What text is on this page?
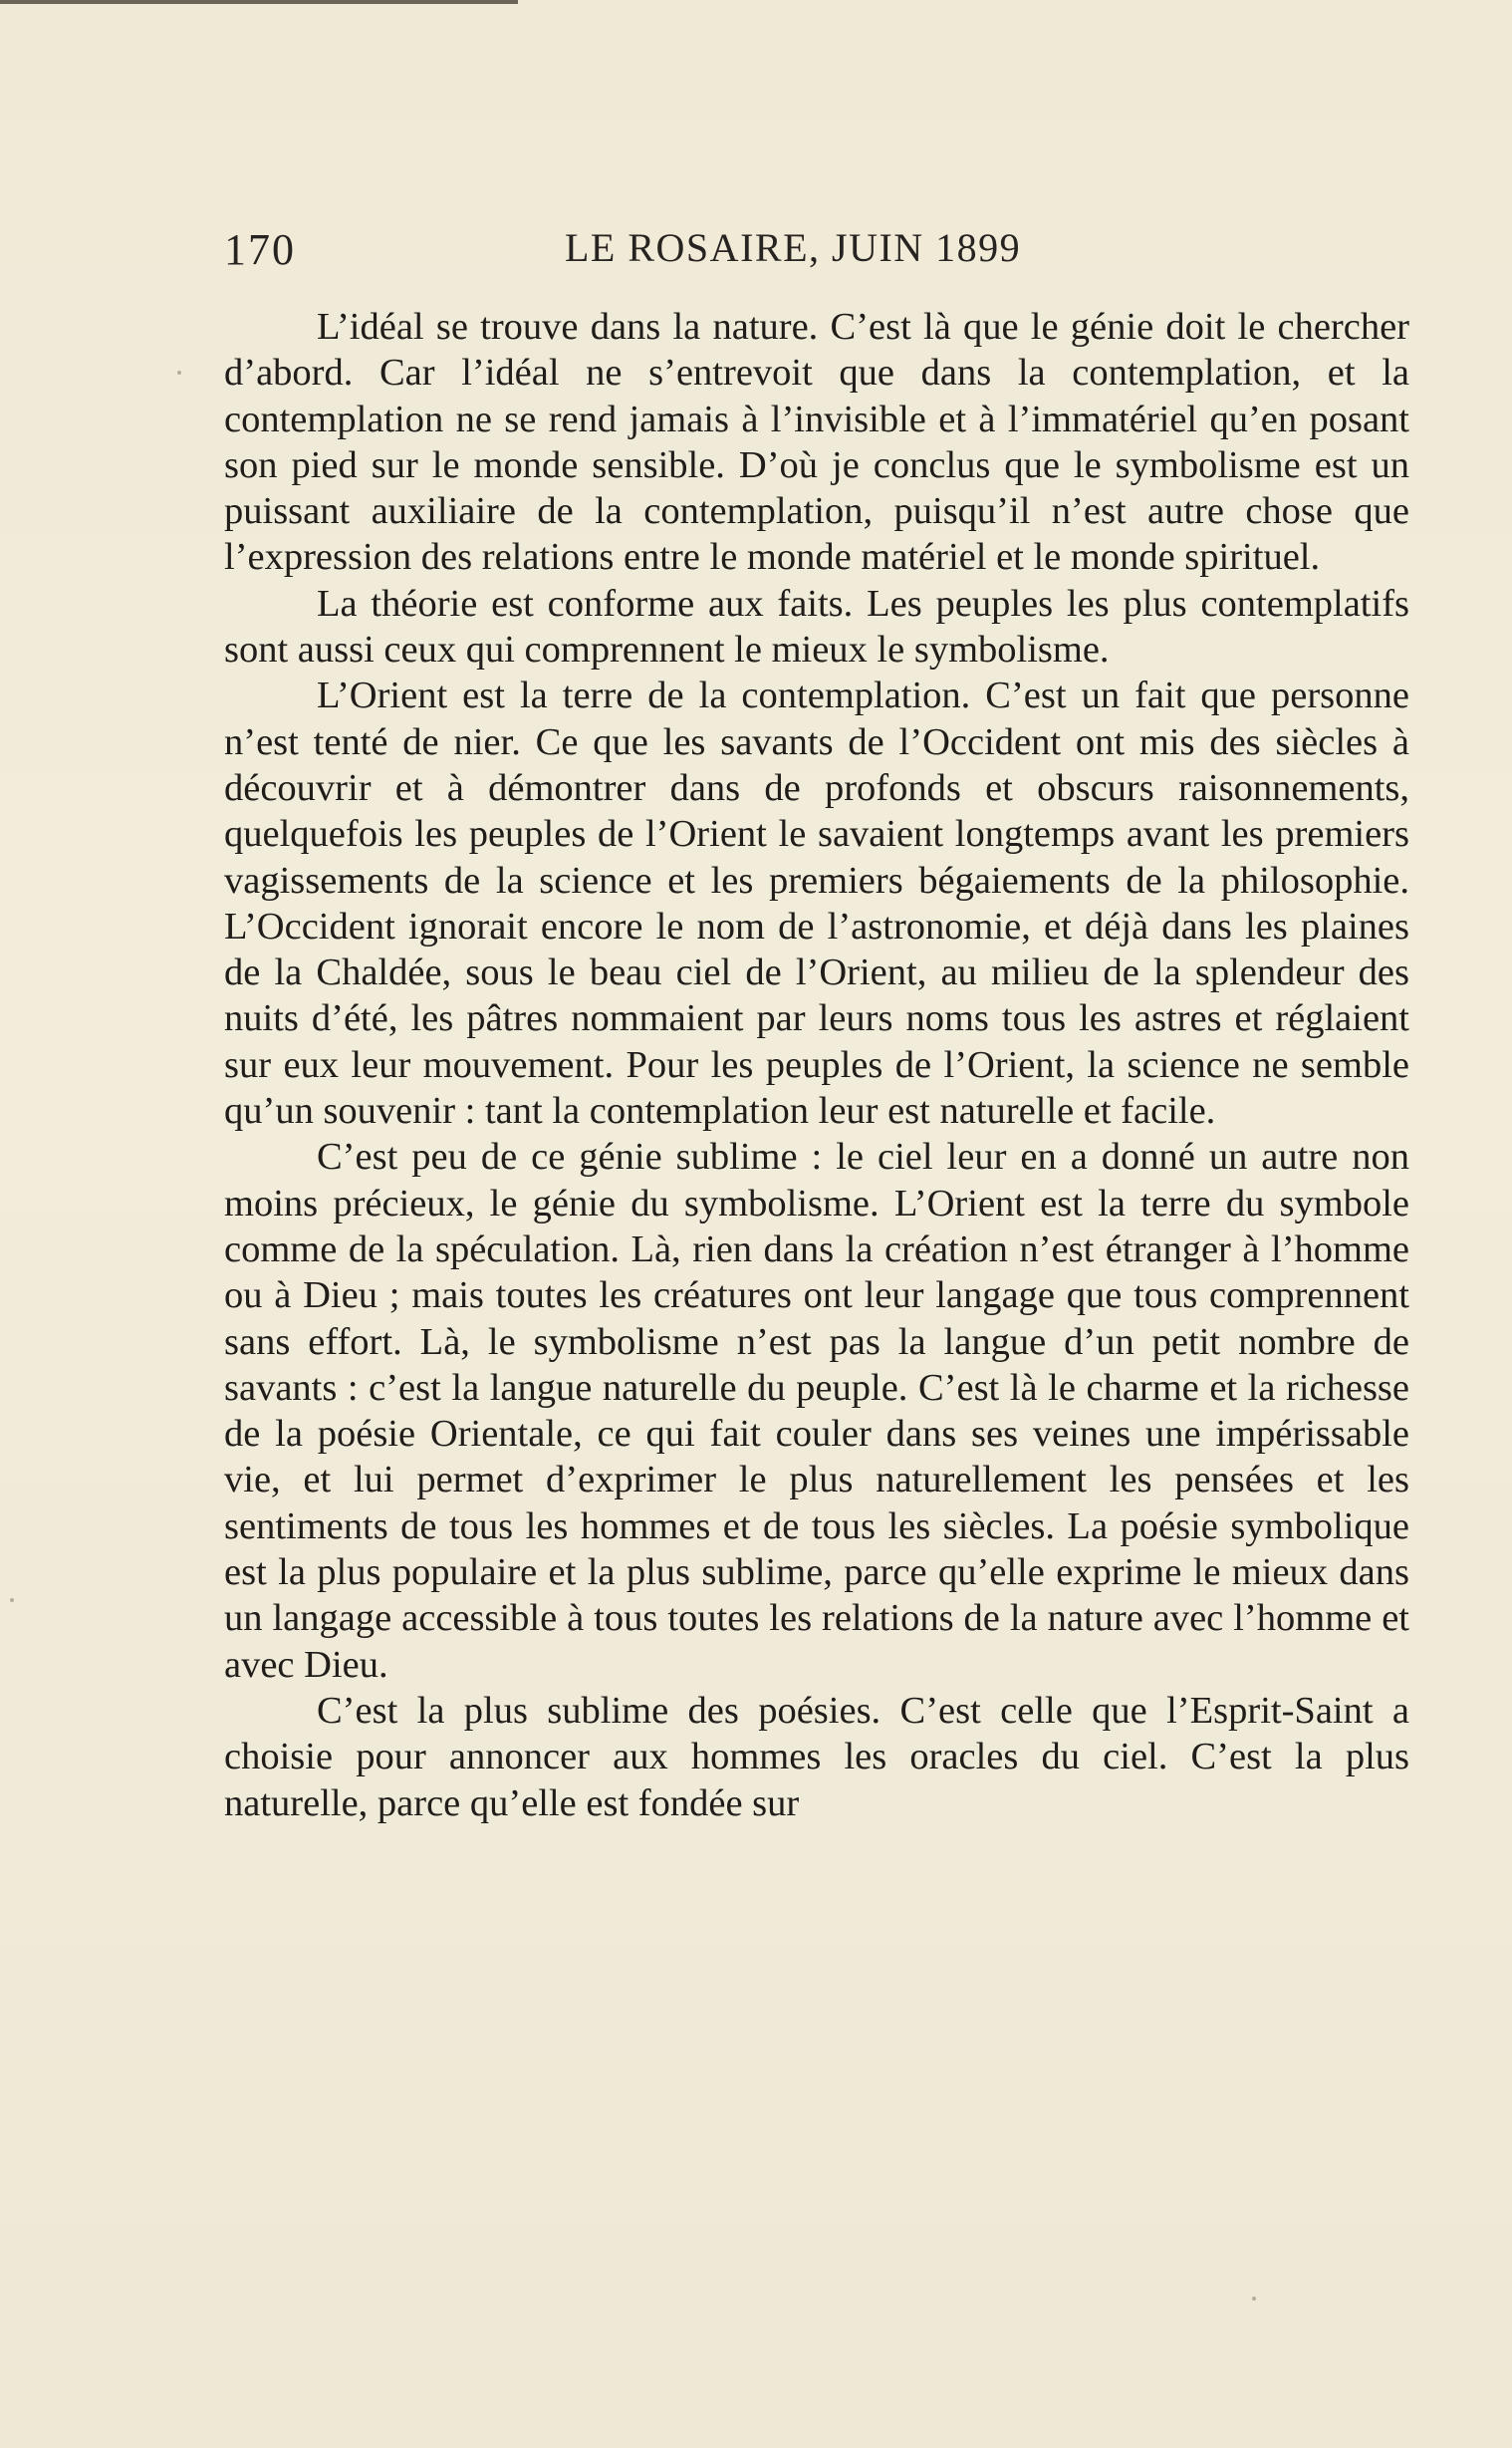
170	LE ROSAIRE, JUIN 1899

L’idéal se trouve dans la nature. C’est là que le génie doit le chercher d’abord. Car l’idéal ne s’entrevoit que dans la contemplation, et la contemplation ne se rend jamais à l’invisible et à l’immatériel qu’en posant son pied sur le monde sensible. D’où je conclus que le symbolisme est un puissant auxiliaire de la contemplation, puisqu’il n’est autre chose que l’expression des relations entre le monde matériel et le monde spirituel.

La théorie est conforme aux faits. Les peuples les plus contemplatifs sont aussi ceux qui comprennent le mieux le symbolisme.

L’Orient est la terre de la contemplation. C’est un fait que personne n’est tenté de nier. Ce que les savants de l’Occident ont mis des siècles à découvrir et à démontrer dans de profonds et obscurs raisonnements, quelquefois les peuples de l’Orient le savaient longtemps avant les premiers vagissements de la science et les premiers bégaiements de la philosophie. L’Occident ignorait encore le nom de l’astronomie, et déjà dans les plaines de la Chaldée, sous le beau ciel de l’Orient, au milieu de la splendeur des nuits d’été, les pâtres nommaient par leurs noms tous les astres et réglaient sur eux leur mouvement. Pour les peuples de l’Orient, la science ne semble qu’un souvenir : tant la contemplation leur est naturelle et facile.

C’est peu de ce génie sublime : le ciel leur en a donné un autre non moins précieux, le génie du symbolisme. L’Orient est la terre du symbole comme de la spéculation. Là, rien dans la création n’est étranger à l’homme ou à Dieu ; mais toutes les créatures ont leur langage que tous comprennent sans effort. Là, le symbolisme n’est pas la langue d’un petit nombre de savants : c’est la langue naturelle du peuple. C’est là le charme et la richesse de la poésie Orientale, ce qui fait couler dans ses veines une impérissable vie, et lui permet d’exprimer le plus naturellement les pensées et les sentiments de tous les hommes et de tous les siècles. La poésie symbolique est la plus populaire et la plus sublime, parce qu’elle exprime le mieux dans un langage accessible à tous toutes les relations de la nature avec l’homme et avec Dieu.

C’est la plus sublime des poésies. C’est celle que l’Esprit-Saint a choisie pour annoncer aux hommes les oracles du ciel. C’est la plus naturelle, parce qu’elle est fondée sur
